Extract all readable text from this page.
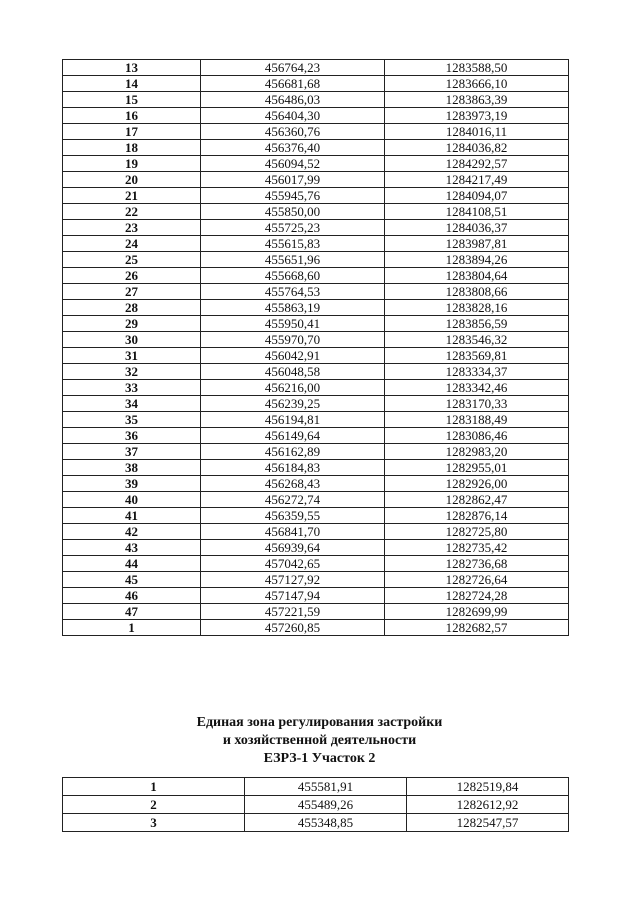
13	456764,23	1283588,50
14	456681,68	1283666,10
15	456486,03	1283863,39
16	456404,30	1283973,19
17	456360,76	1284016,11
18	456376,40	1284036,82
19	456094,52	1284292,57
20	456017,99	1284217,49
21	455945,76	1284094,07
22	455850,00	1284108,51
23	455725,23	1284036,37
24	455615,83	1283987,81
25	455651,96	1283894,26
26	455668,60	1283804,64
27	455764,53	1283808,66
28	455863,19	1283828,16
29	455950,41	1283856,59
30	455970,70	1283546,32
31	456042,91	1283569,81
32	456048,58	1283334,37
33	456216,00	1283342,46
34	456239,25	1283170,33
35	456194,81	1283188,49
36	456149,64	1283086,46
37	456162,89	1282983,20
38	456184,83	1282955,01
39	456268,43	1282926,00
40	456272,74	1282862,47
41	456359,55	1282876,14
42	456841,70	1282725,80
43	456939,64	1282735,42
44	457042,65	1282736,68
45	457127,92	1282726,64
46	457147,94	1282724,28
47	457221,59	1282699,99
1	457260,85	1282682,57
Единая зона регулирования застройки
и хозяйственной деятельности
ЕЗРЗ-1 Участок 2
1	455581,91	1282519,84
2	455489,26	1282612,92
3	455348,85	1282547,57
